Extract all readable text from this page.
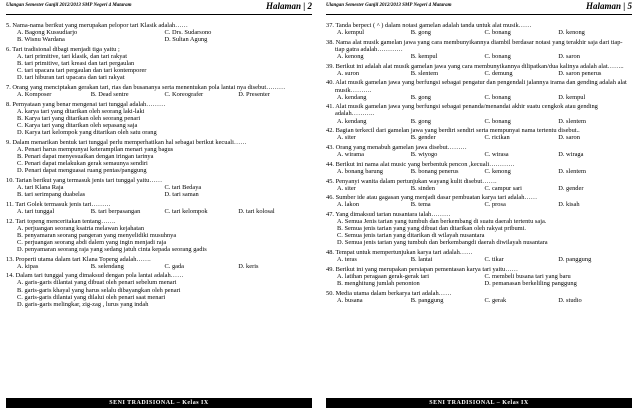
Ulangan Semester Ganjil 2012/2013 SMP Negeri 4 Mataram	Halaman | 2
5. Nama-nama berikut yang merupakan pelopor tari Klasik adalah……
A. Bagong Kussudiarjo	C. Drs. Sudarsono
B. Wisnu Wardana	D. Sultan Agung
6. Tari tradisional dibagi menjadi tiga yaitu ;
A. tari primitive, tari klasik, dan tari rakyat
B. tari primitive, tari kreasi dan tari pergaulan
C. tari upacara tari pergaulan dan tari kontemporer
D. tari hiburan tari upacara dan tari rakyat
7. Orang yang menciptakan gerakan tari, rias dan busananya serta menentukan pola lantai nya disebut………
A. Komposer	B. Dead sentre	C. Koreografer	D. Presenter
8. Pernyataan yang benar mengenai tari tunggal adalah………
A. karya tari yang ditarikan oleh seorang laki-laki
B. Karya tari yang ditarikan oleh seorang penari
C. Karya tari yang ditarikan oleh sepasang saja
D. Karya tari kelompok yang ditarikan oleh satu orang
9. Dalam menarikan bentuk tari tunggal perlu memperhatikan hal sebagai berikut kecuali……
A. Penari harus mempunyai keterampilan menari yang bagus
B. Penari dapat menyesuaikan dengan iringan tarinya
C. Penari dapat melakukan gerak semaunya sendiri
D. Penari dapat menguasai ruang pentas/panggung
10. Tarian berikut yang termasuk jenis tari tunggal yaitu……
A. tari Klana Raja	C. tari Bedaya
B. tari serimpang duabelas	D. tari saman
11. Tari Golek termasuk jenis tari………
A. tari tunggal	B. tari berpasangan	C. tari kelompok	D. tari kolosal
12. Tari topeng menceritakan tentang…….
A. perjuangan seorang ksatria melawan kejahatan
B. penyamaran seorang pangeran yang menyelidiki musuhnya
C. perjuangan seorang abdi dalem yang ingin menjadi raja
D. penyamaran seorang raja yang sedang jatuh cinta kepada seorang gadis
13. Properti utama dalam tari Klana Topeng adalah…….
A. kipas	B. selendang	C. gada	D. keris
14. Dalam tari tunggal yang dimaksud dengan pola lantai adalah……
A. garis-garis dilantai yang dibuat oleh penari sebelum menari
B. garis-garis khayal yang harus selalu dibayangkan oleh penari
C. garis-garis dilantai yang dilalui oleh penari saat menari
D. garis-garis melingkar, zig-zag , lurus yang indah
SENI TRADISIONAL – Kelas IX
Ulangan Semester Ganjil 2012/2013 SMP Negeri 4 Mataram	Halaman | 5
37. Tanda berpeci ( ^ ) dalam notasi gamelan adalah tanda untuk alat musik……
A. kempul	B. gong	C. bonang	D. kenong
38. Nama alat musik gamelan jawa yang cara membunyikannya diambil berdasar notasi yang terakhir saja dari tiap-tiap gatra adalah…………
A. kenong	B. kempul	C. bonang	D. saron
39. Berikut ini adalah alat musik gamelan jawa yang cara membunyikannya dilipatkan/dua kalinya adalah alat……..
A. suron	B. slentem	C. demung	D. saron penerus
40. Alat musik gamelan jawa yang berfungsi sebagai pengatur dan pengendali jalannya irama dan gending adalah alat musik……….
A. kendang	B. gong	C. bonang	D. kempul
41. Alat musik gamelan jawa yang berfungsi sebagai penanda/menandai akhir suatu cengkok atau gending adalah………..
A. kendang	B. gong	C. bonang	D. slentem
42. Bagian terkecil dari gamelan jawa yang berdiri sendiri serta mempunyai nama tertentu disebut..
A. siter	B. gender	C. ricikan	D. saron
43. Orang yang menabuh gamelan jawa disebut………
A. wirama	B. wiyogo	C. wirasa	D. wiraga
44. Berikut ini nama alat music yang berbentuk pencon ,kecuali…………
A. bonang barung	B. bonang penerus	C. kenong	D. slentem
45. Penyanyi wanita dalam pertunjukan wayang kulit disebut…….
A. siter	B. sinden	C. campur sari	D. gender
46. Sumber ide atau gagasan yang menjadi dasar pembuatan karya tari adalah……
A. lakon	B. tema	C. prosa	D. kisah
47. Yang dimaksud tarian nusantara ialah………
A. Semua Jenis tarian yang tumbuh dan berkembang di suatu daerah tertentu saja.
B. Semua jenis tarian yang yang dibuat dan ditarikan oleh rakyat pribumi.
C. Semua jenis tarian yang ditarikan di wilayah nusantara
D. Semua jenis tarian yang tumbuh dan berkembangdi daerah diwilayah nusantara
48. Tempat untuk mempertunjukan karya tari adalah……
A. teras	B. lantai	C. tikar	D. panggung
49. Berikut ini yang merupakan persiapan pementasan karya tari yaitu……
A. latihan peragaan gerak-gerak tari	C. membeli busana tari yang baru
B. menghitung jumlah penonton	D. pemanasan berkeliling panggung
50. Media utama dalam berkarya tari adalah……
A. busana	B. panggung	C. gerak	D. studio
SENI TRADISIONAL – Kelas IX
